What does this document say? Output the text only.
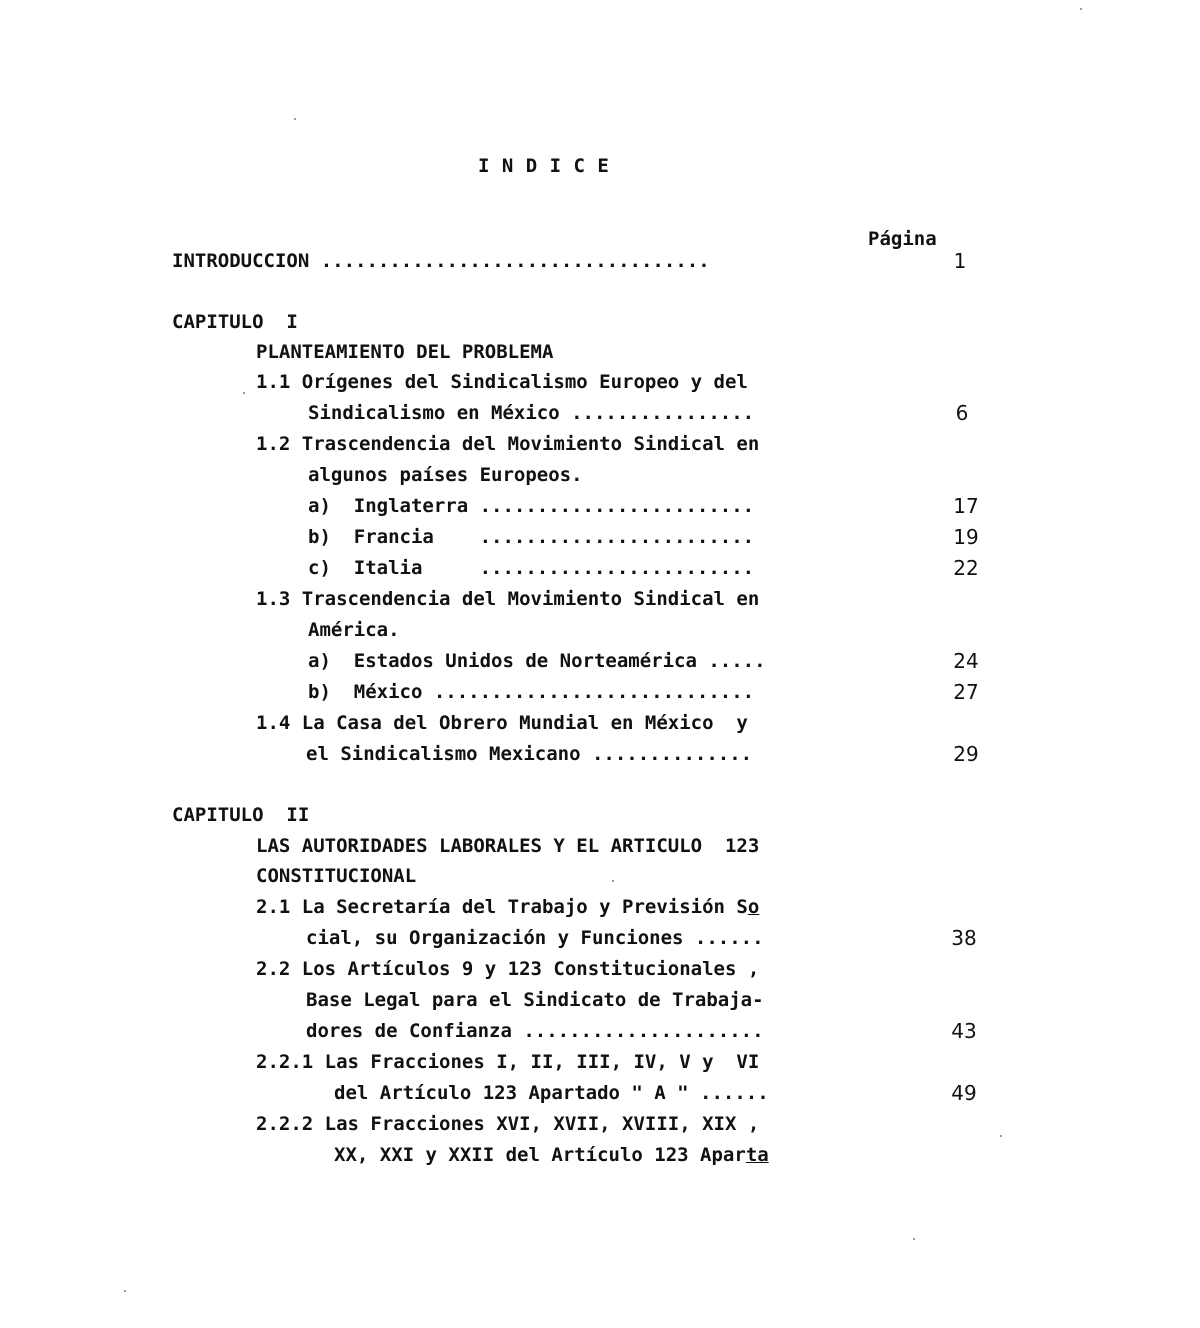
I N D I C E
Página
INTRODUCCION ..................................	1
CAPITULO  I
PLANTEAMIENTO DEL PROBLEMA
1.1 Orígenes del Sindicalismo Europeo y del
Sindicalismo en México ................	6
1.2 Trascendencia del Movimiento Sindical en
algunos países Europeos.
a)  Inglaterra ........................	17
b)  Francia    ........................	19
c)  Italia     ........................	22
1.3 Trascendencia del Movimiento Sindical en
América.
a)  Estados Unidos de Norteamérica .....	24
b)  México ............................	27
1.4 La Casa del Obrero Mundial en México  y
el Sindicalismo Mexicano ..............	29
CAPITULO  II
LAS AUTORIDADES LABORALES Y EL ARTICULO  123
CONSTITUCIONAL
2.1 La Secretaría del Trabajo y Previsión So
cial, su Organización y Funciones ......	38
2.2 Los Artículos 9 y 123 Constitucionales ,
Base Legal para el Sindicato de Trabaja-
dores de Confianza .....................	43
2.2.1 Las Fracciones I, II, III, IV, V y  VI
del Artículo 123 Apartado " A " ......	49
2.2.2 Las Fracciones XVI, XVII, XVIII, XIX ,
XX, XXI y XXII del Artículo 123 Aparta
